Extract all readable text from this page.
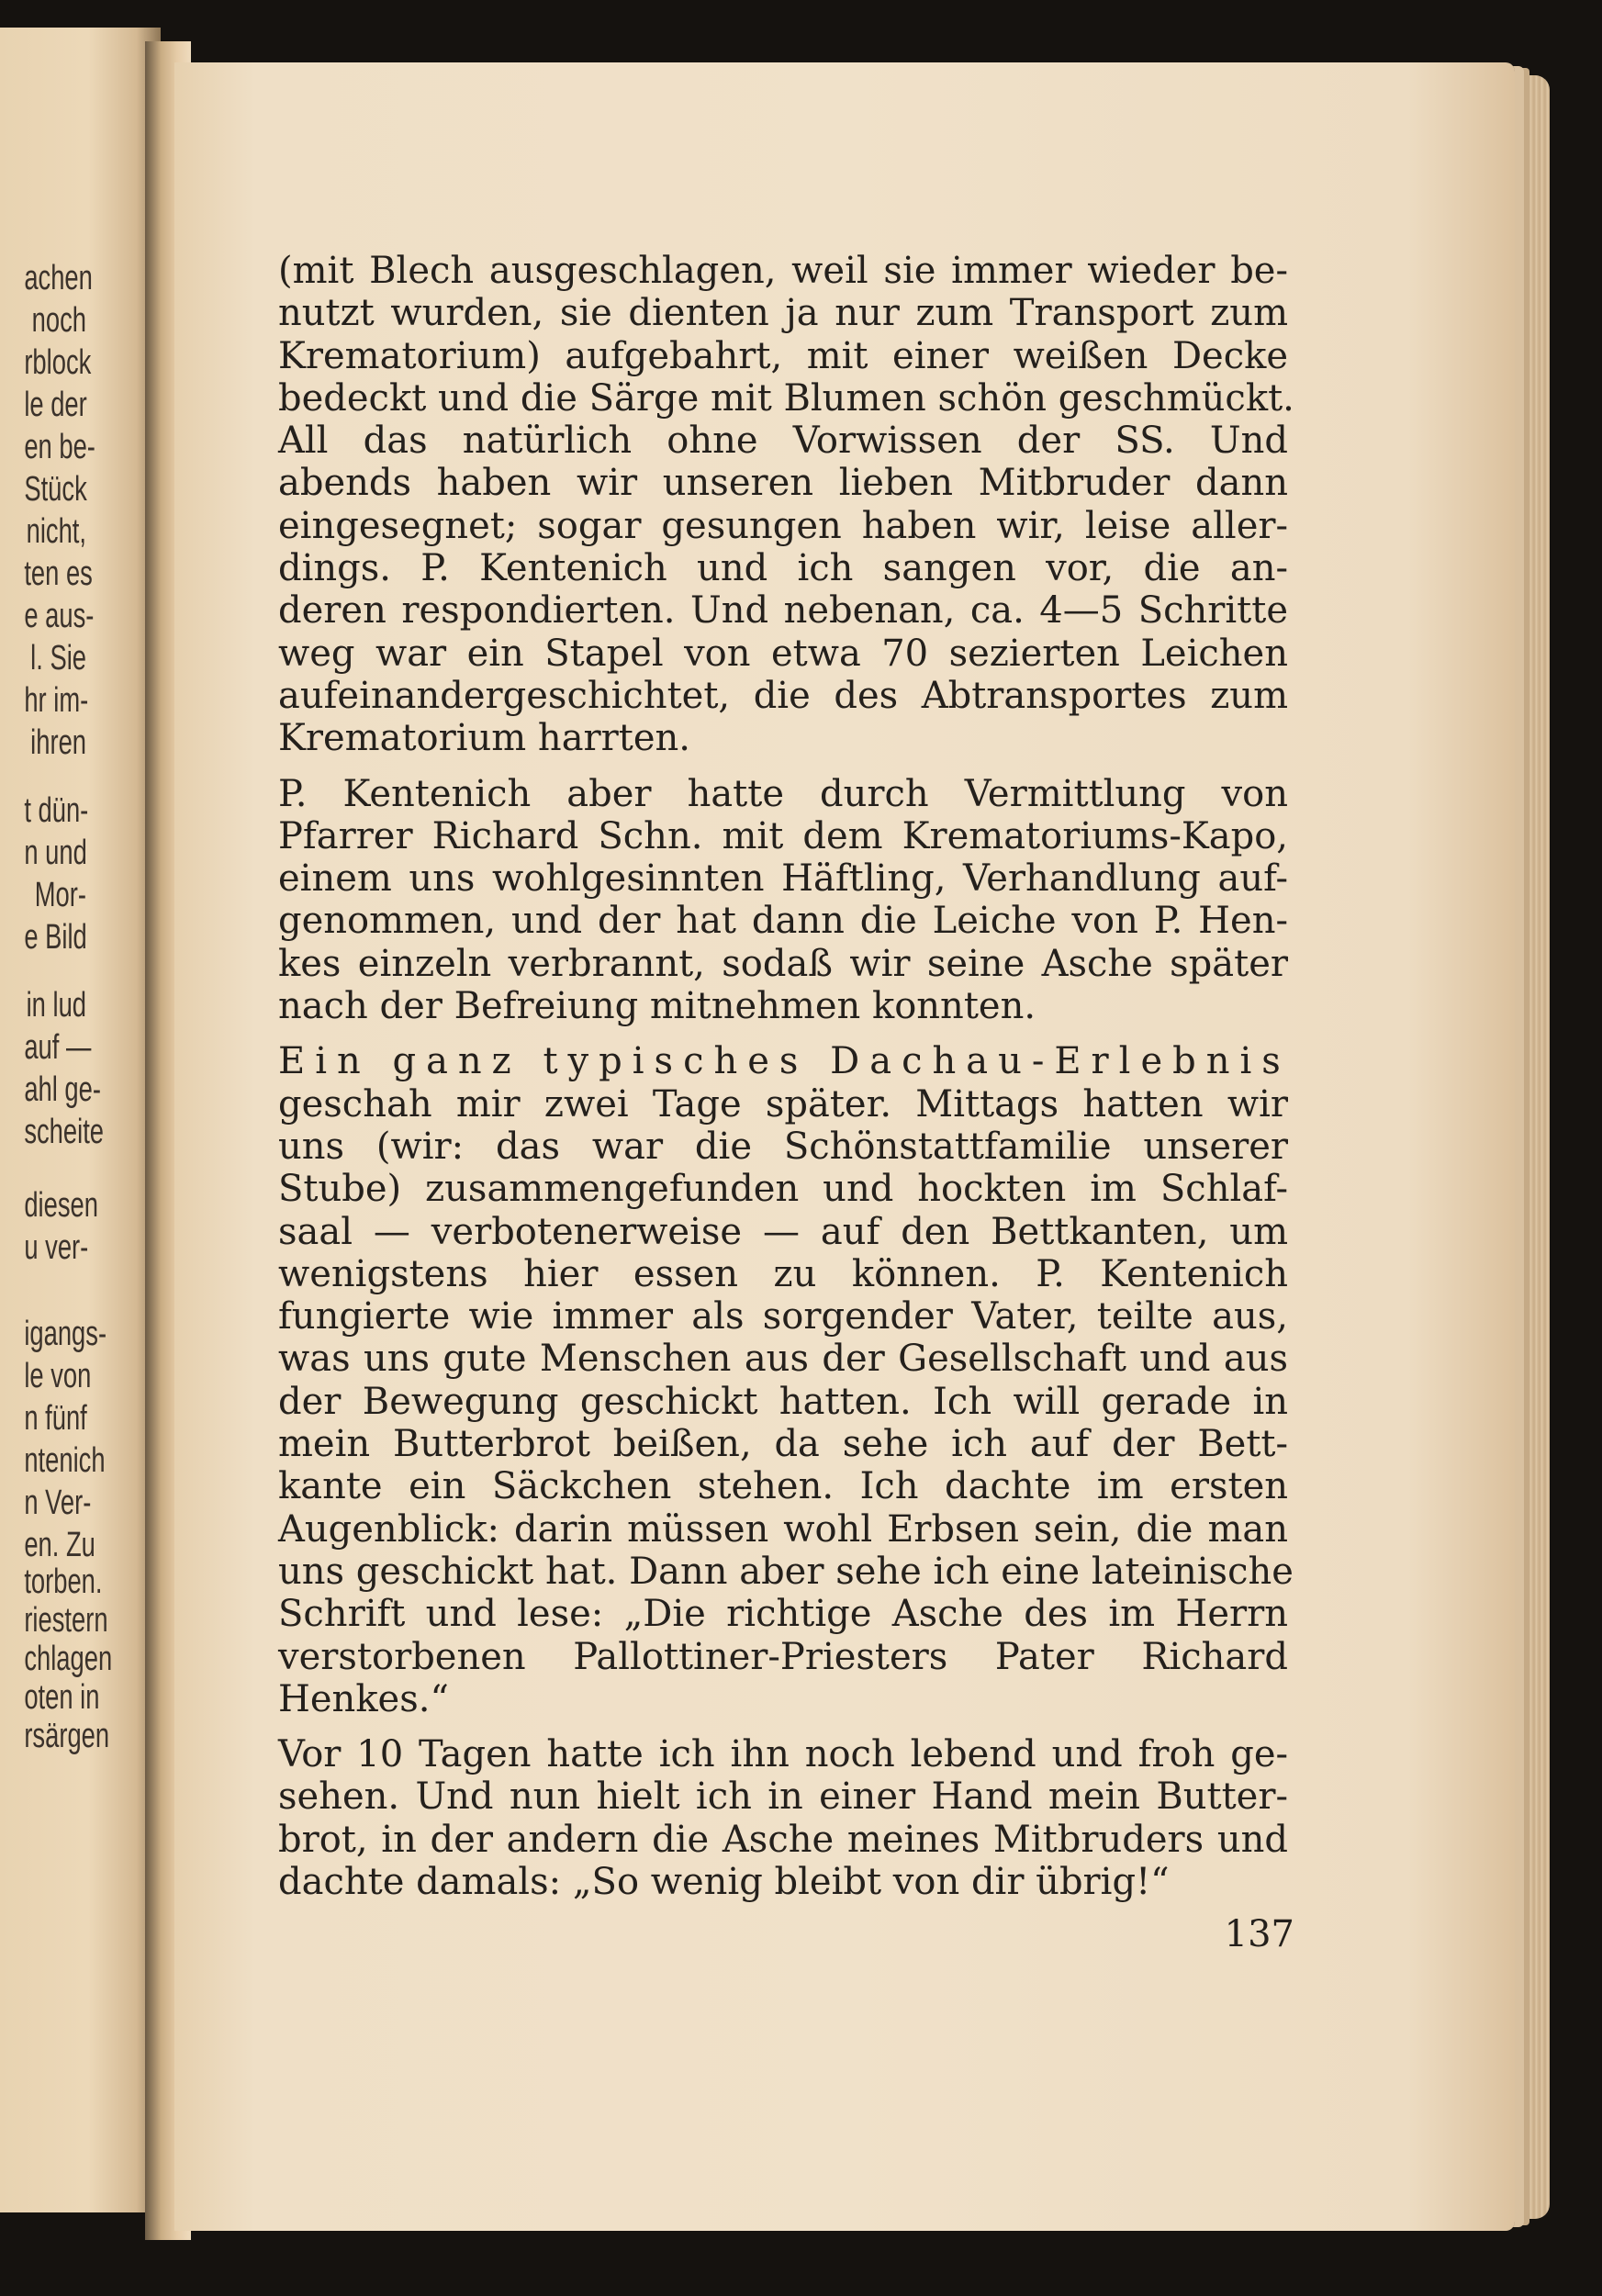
achen
noch
rblock
le der
en be-
Stück
nicht,
ten es
e aus-
l. Sie
hr im-
ihren
t dün-
n und
Mor-
e Bild
in lud
auf —
ahl ge-
scheite
diesen
u ver-
igangs-
le von
n fünf
ntenich
n Ver-
en. Zu
torben.
riestern
chlagen
oten in
rsärgen
(mit Blech ausgeschlagen, weil sie immer wieder be-
nutzt wurden, sie dienten ja nur zum Transport zum
Krematorium) aufgebahrt, mit einer weißen Decke
bedeckt und die Särge mit Blumen schön geschmückt.
All das natürlich ohne Vorwissen der SS. Und
abends haben wir unseren lieben Mitbruder dann
eingesegnet; sogar gesungen haben wir, leise aller-
dings. P. Kentenich und ich sangen vor, die an-
deren respondierten. Und nebenan, ca. 4—5 Schritte
weg war ein Stapel von etwa 70 sezierten Leichen
aufeinandergeschichtet, die des Abtransportes zum
Krematorium harrten.
P. Kentenich aber hatte durch Vermittlung von
Pfarrer Richard Schn. mit dem Krematoriums-Kapo,
einem uns wohlgesinnten Häftling, Verhandlung auf-
genommen, und der hat dann die Leiche von P. Hen-
kes einzeln verbrannt, sodaß wir seine Asche später
nach der Befreiung mitnehmen konnten.
Ein ganz typisches Dachau-Erlebnis
geschah mir zwei Tage später. Mittags hatten wir
uns (wir: das war die Schönstattfamilie unserer
Stube) zusammengefunden und hockten im Schlaf-
saal — verbotenerweise — auf den Bettkanten, um
wenigstens hier essen zu können. P. Kentenich
fungierte wie immer als sorgender Vater, teilte aus,
was uns gute Menschen aus der Gesellschaft und aus
der Bewegung geschickt hatten. Ich will gerade in
mein Butterbrot beißen, da sehe ich auf der Bett-
kante ein Säckchen stehen. Ich dachte im ersten
Augenblick: darin müssen wohl Erbsen sein, die man
uns geschickt hat. Dann aber sehe ich eine lateinische
Schrift und lese: „Die richtige Asche des im Herrn
verstorbenen Pallottiner-Priesters Pater Richard
Henkes.“
Vor 10 Tagen hatte ich ihn noch lebend und froh ge-
sehen. Und nun hielt ich in einer Hand mein Butter-
brot, in der andern die Asche meines Mitbruders und
dachte damals: „So wenig bleibt von dir übrig!“
137
